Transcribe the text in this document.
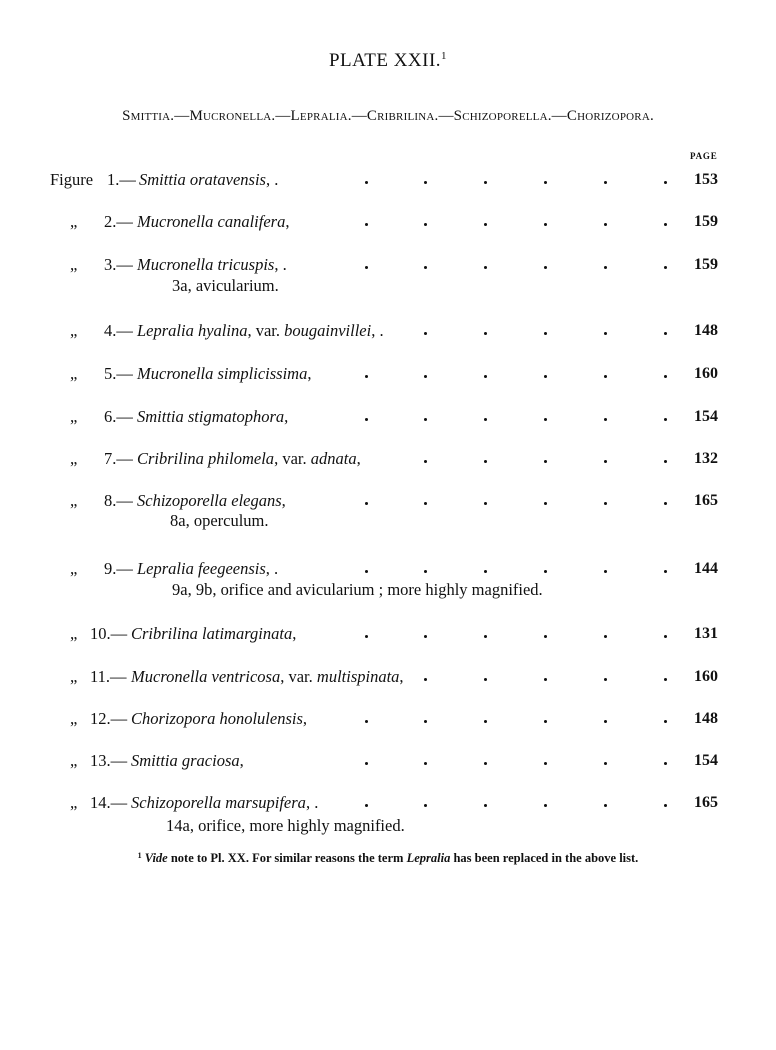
PLATE XXII.$^1$
Smittia.—Mucronella.—Lepralia.—Cribrilina.—Schizoporella.—Chorizopora.
PAGE
Figure 1.— Smittia oratavensis, .	153
„ 2.— Mucronella canalifera,	159
„ 3.— Mucronella tricuspis, .	159
3a, avicularium.
„ 4.— Lepralia hyalina, var. bougainvillei, .	148
„ 5.— Mucronella simplicissima,	160
„ 6.— Smittia stigmatophora,	154
„ 7.— Cribrilina philomela, var. adnata,	132
„ 8.— Schizoporella elegans,	165
8a, operculum.
„ 9.— Lepralia feegeensis, .	144
9a, 9b, orifice and avicularium ; more highly magnified.
„ 10.— Cribrilina latimarginata,	131
„ 11.— Mucronella ventricosa, var. multispinata,	160
„ 12.— Chorizopora honolulensis,	148
„ 13.— Smittia graciosa,	154
„ 14.— Schizoporella marsupifera, .	165
14a, orifice, more highly magnified.
$^1$ Vide note to Pl. XX. For similar reasons the term Lepralia has been replaced in the above list.
